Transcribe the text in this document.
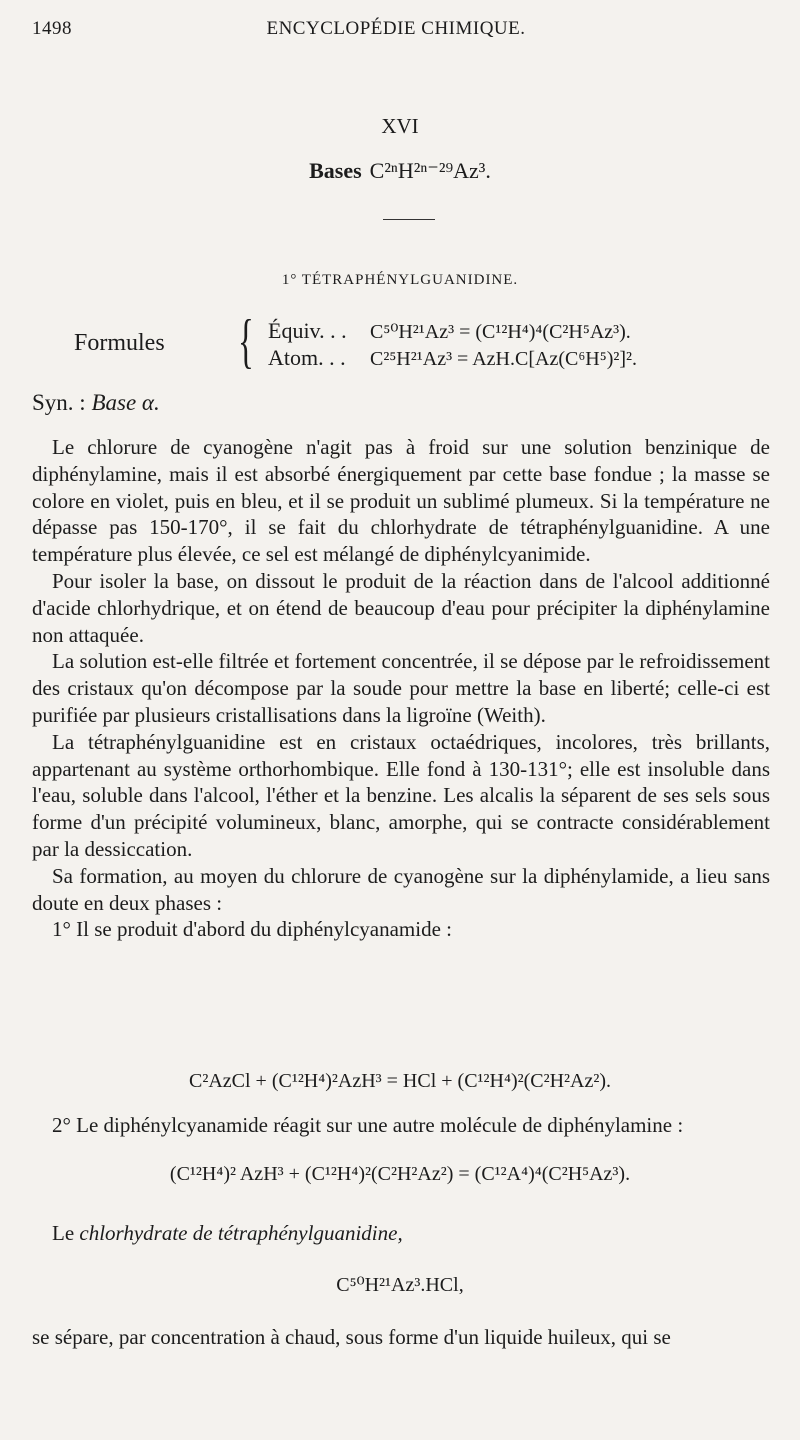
1498	ENCYCLOPÉDIE CHIMIQUE.
XVI
Bases C²ⁿH²ⁿ⁻²⁹Az³.
1° TÉTRAPHÉNYLGUANIDINE.
Formules { Équiv. . . C⁵⁰H²¹Az³ = (C¹²H⁴)⁴(C²H⁵Az³).
Atom. . . C²⁵H²¹Az³ = AzH.C[Az(C⁶H⁵)²]².
Syn. : Base α.

Le chlorure de cyanogène n'agit pas à froid sur une solution benzinique de diphénylamine, mais il est absorbé énergiquement par cette base fondue ; la masse se colore en violet, puis en bleu, et il se produit un sublimé plumeux. Si la température ne dépasse pas 150-170°, il se fait du chlorhydrate de tétraphénylguanidine. A une température plus élevée, ce sel est mélangé de diphénylcyanimide.

Pour isoler la base, on dissout le produit de la réaction dans de l'alcool additionné d'acide chlorhydrique, et on étend de beaucoup d'eau pour précipiter la diphénylamine non attaquée.

La solution est-elle filtrée et fortement concentrée, il se dépose par le refroidissement des cristaux qu'on décompose par la soude pour mettre la base en liberté; celle-ci est purifiée par plusieurs cristallisations dans la ligroïne (Weith).

La tétraphénylguanidine est en cristaux octaédriques, incolores, très brillants, appartenant au système orthorhombique. Elle fond à 130-131°; elle est insoluble dans l'eau, soluble dans l'alcool, l'éther et la benzine. Les alcalis la séparent de ses sels sous forme d'un précipité volumineux, blanc, amorphe, qui se contracte considérablement par la dessiccation.

Sa formation, au moyen du chlorure de cyanogène sur la diphénylamide, a lieu sans doute en deux phases :

1° Il se produit d'abord du diphénylcyanamide :

C²AzCl + (C¹²H⁴)²AzH³ = HCl + (C¹²H⁴)²(C²H²Az²).

2° Le diphénylcyanamide réagit sur une autre molécule de diphénylamine :

(C¹²H⁴)² AzH³ + (C¹²H⁴)²(C²H²Az²) = (C¹²A⁴)⁴(C²H⁵Az³).

Le chlorhydrate de tétraphénylguanidine,

C⁵⁰H²¹Az³.HCl,

se sépare, par concentration à chaud, sous forme d'un liquide huileux, qui se
